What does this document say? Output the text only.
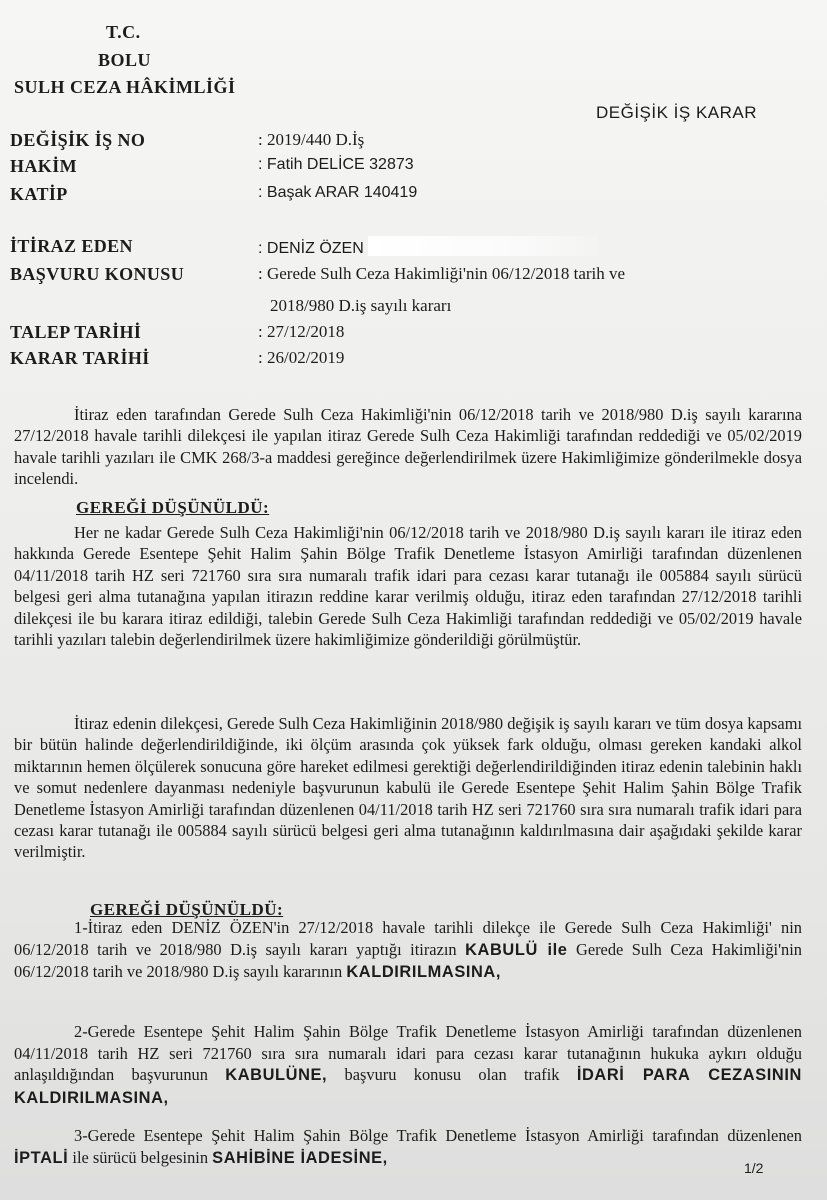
T.C.
BOLU
SULH CEZA HÂKİMLİĞİ
DEĞİŞİK İŞ KARAR
DEĞİŞİK İŞ NO	: 2019/440 D.İş
HAKİM	: Fatih DELİCE 32873
KATİP	: Başak ARAR 140419
İTİRAZ EDEN	: DENİZ ÖZEN
BAŞVURU KONUSU	: Gerede Sulh Ceza Hakimliği'nin 06/12/2018 tarih ve
2018/980 D.iş sayılı kararı
TALEP TARİHİ	: 27/12/2018
KARAR TARİHİ	: 26/02/2019
İtiraz eden tarafından Gerede Sulh Ceza Hakimliği'nin 06/12/2018 tarih ve 2018/980 D.iş sayılı kararına 27/12/2018 havale tarihli dilekçesi ile yapılan itiraz Gerede Sulh Ceza Hakimliği tarafından reddediği ve 05/02/2019 havale tarihli yazıları ile CMK 268/3-a maddesi gereğince değerlendirilmek üzere Hakimliğimize gönderilmekle dosya incelendi.
GEREĞİ DÜŞÜNÜLDÜ:
Her ne kadar Gerede Sulh Ceza Hakimliği'nin 06/12/2018 tarih ve 2018/980 D.iş sayılı kararı ile itiraz eden hakkında Gerede Esentepe Şehit Halim Şahin Bölge Trafik Denetleme İstasyon Amirliği tarafından düzenlenen 04/11/2018 tarih HZ seri 721760 sıra sıra numaralı trafik idari para cezası karar tutanağı ile 005884 sayılı sürücü belgesi geri alma tutanağına yapılan itirazın reddine karar verilmiş olduğu, itiraz eden tarafından 27/12/2018 tarihli dilekçesi ile bu karara itiraz edildiği, talebin Gerede Sulh Ceza Hakimliği tarafından reddediği ve 05/02/2019 havale tarihli yazıları talebin değerlendirilmek üzere hakimliğimize gönderildiği görülmüştür.
İtiraz edenin dilekçesi, Gerede Sulh Ceza Hakimliğinin 2018/980 değişik iş sayılı kararı ve tüm dosya kapsamı bir bütün halinde değerlendirildiğinde, iki ölçüm arasında çok yüksek fark olduğu, olması gereken kandaki alkol miktarının hemen ölçülerek sonucuna göre hareket edilmesi gerektiği değerlendirildiğinden itiraz edenin talebinin haklı ve somut nedenlere dayanması nedeniyle başvurunun kabulü ile Gerede Esentepe Şehit Halim Şahin Bölge Trafik Denetleme İstasyon Amirliği tarafından düzenlenen 04/11/2018 tarih HZ seri 721760 sıra sıra numaralı trafik idari para cezası karar tutanağı ile 005884 sayılı sürücü belgesi geri alma tutanağının kaldırılmasına dair aşağıdaki şekilde karar verilmiştir.
GEREĞİ DÜŞÜNÜLDÜ:
1-İtiraz eden DENİZ ÖZEN'in 27/12/2018 havale tarihli dilekçe ile Gerede Sulh Ceza Hakimliği' nin 06/12/2018 tarih ve 2018/980 D.iş sayılı kararı yaptığı itirazın KABULÜ ile Gerede Sulh Ceza Hakimliği'nin 06/12/2018 tarih ve 2018/980 D.iş sayılı kararının KALDIRILMASINA,
2-Gerede Esentepe Şehit Halim Şahin Bölge Trafik Denetleme İstasyon Amirliği tarafından düzenlenen 04/11/2018 tarih HZ seri 721760 sıra sıra numaralı idari para cezası karar tutanağının hukuka aykırı olduğu anlaşıldığından başvurunun KABULÜNE, başvuru konusu olan trafik İDARİ PARA CEZASININ KALDIRILMASINA,
3-Gerede Esentepe Şehit Halim Şahin Bölge Trafik Denetleme İstasyon Amirliği tarafından düzenlenen İPTALİ ile sürücü belgesinin SAHİBİNE İADESİNE,
1/2
